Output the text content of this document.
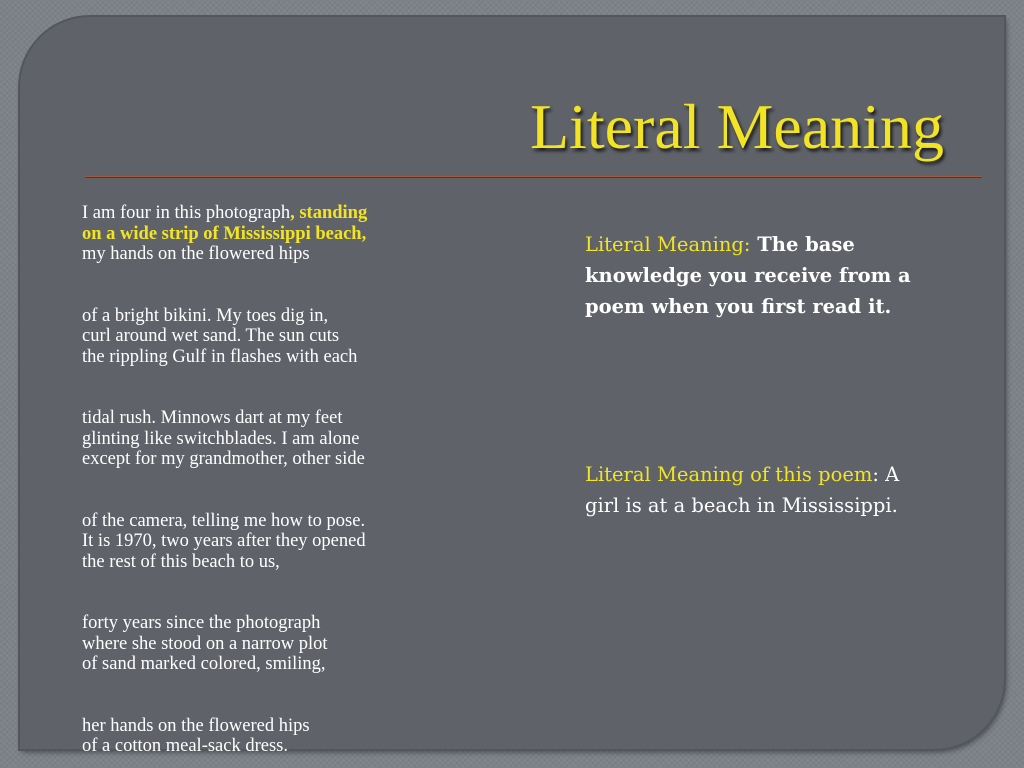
Literal Meaning

I am four in this photograph, standing
on a wide strip of Mississippi beach,
my hands on the flowered hips

of a bright bikini. My toes dig in,
curl around wet sand. The sun cuts
the rippling Gulf in flashes with each

tidal rush. Minnows dart at my feet
glinting like switchblades. I am alone
except for my grandmother, other side

of the camera, telling me how to pose.
It is 1970, two years after they opened
the rest of this beach to us,

forty years since the photograph
where she stood on a narrow plot
of sand marked colored, smiling,

her hands on the flowered hips
of a cotton meal-sack dress.

Literal Meaning: The base knowledge you receive from a poem when you first read it.
Literal Meaning of this poem: A girl is at a beach in Mississippi.
